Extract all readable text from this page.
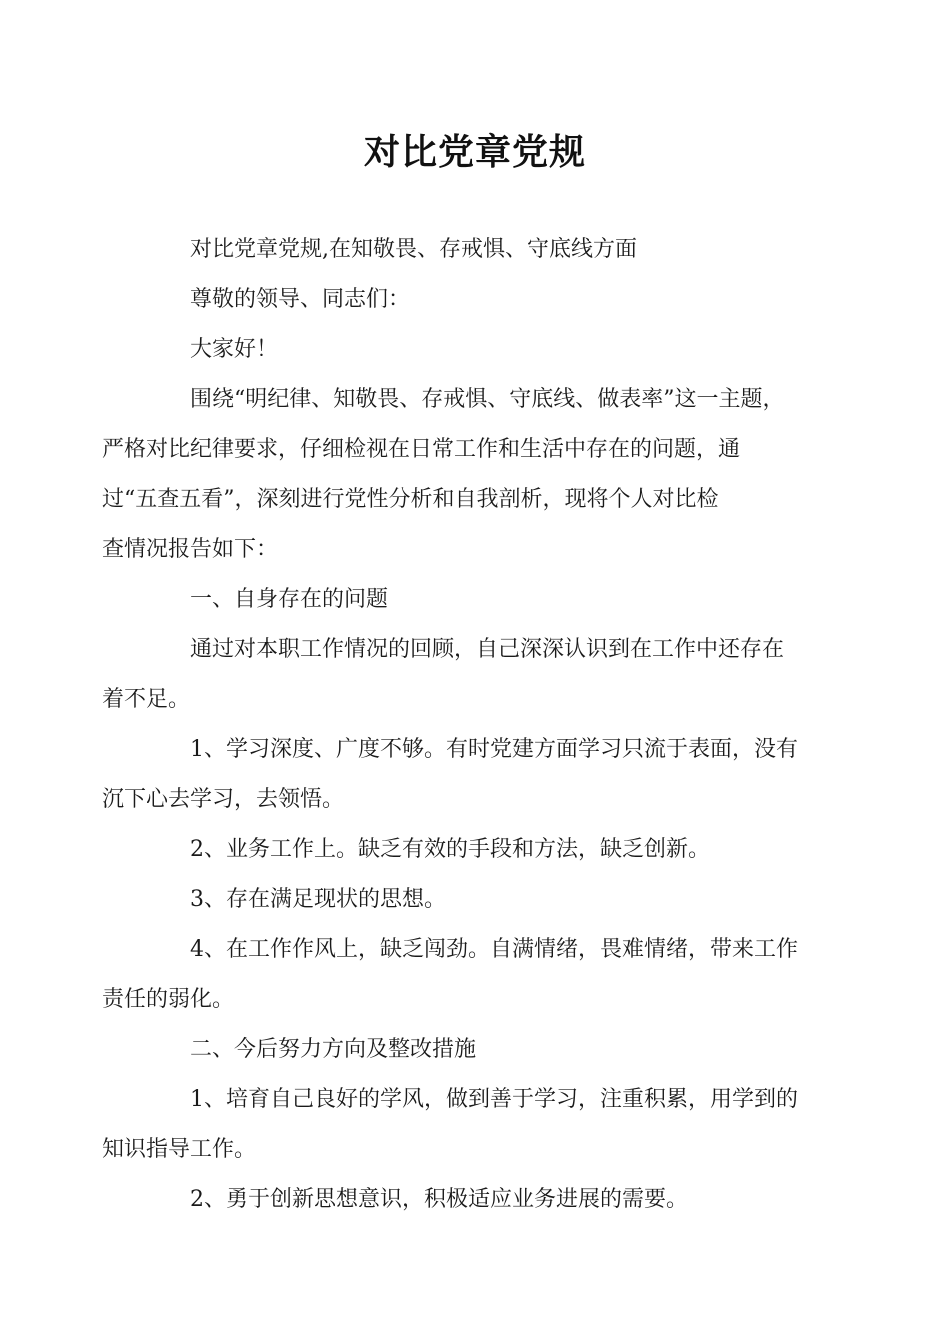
对比党章党规

对比党章党规,在知敬畏、存戒惧、守底线方面

尊敬的领导、同志们：

大家好！

围绕“明纪律、知敬畏、存戒惧、守底线、做表率”这一主题，
严格对比纪律要求，仔细检视在日常工作和生活中存在的问题，通
过“五查五看”，深刻进行党性分析和自我剖析，现将个人对比检
查情况报告如下：

一、自身存在的问题

通过对本职工作情况的回顾，自己深深认识到在工作中还存在
着不足。

1、学习深度、广度不够。有时党建方面学习只流于表面，没有
沉下心去学习，去领悟。

2、业务工作上。缺乏有效的手段和方法，缺乏创新。

3、存在满足现状的思想。

4、在工作作风上，缺乏闯劲。自满情绪，畏难情绪，带来工作
责任的弱化。

二、今后努力方向及整改措施

1、培育自己良好的学风，做到善于学习，注重积累，用学到的
知识指导工作。

2、勇于创新思想意识，积极适应业务进展的需要。
